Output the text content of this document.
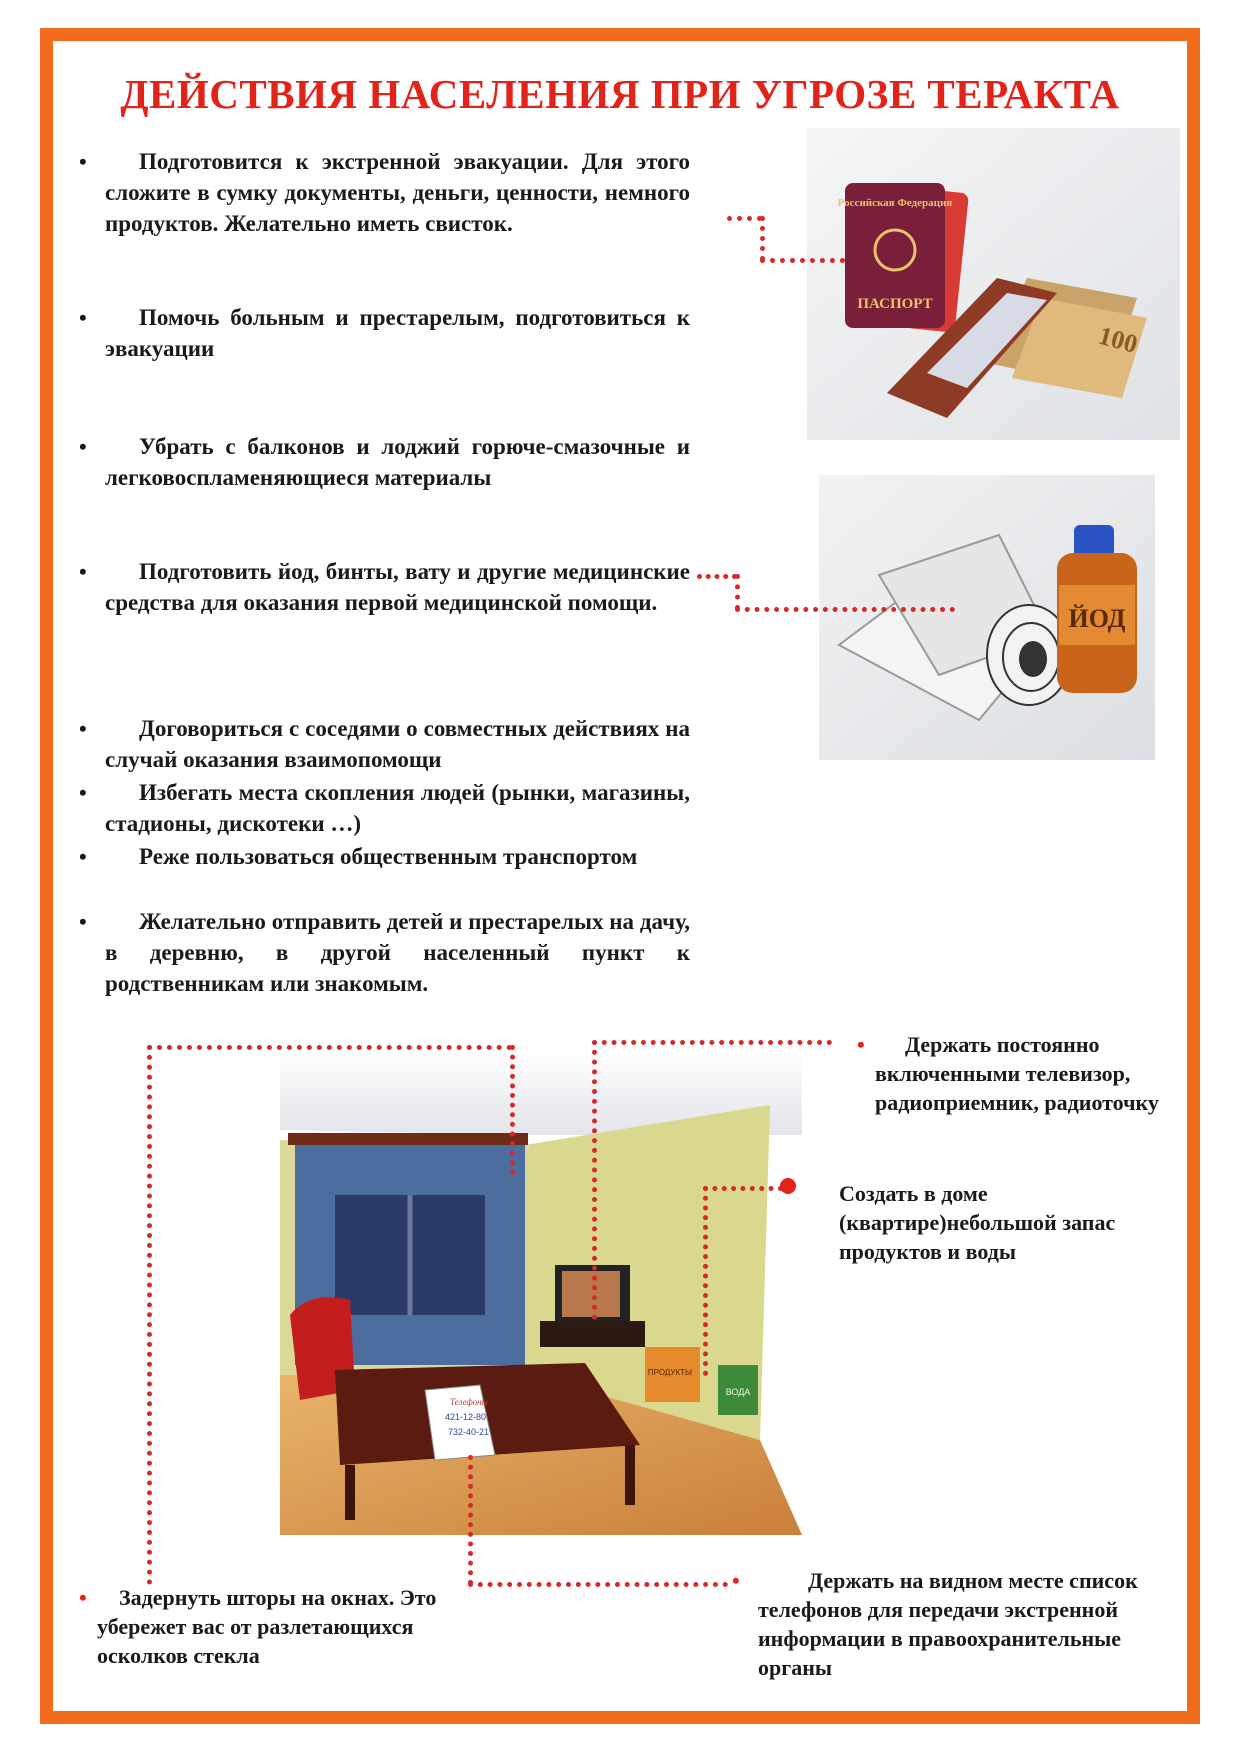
ДЕЙСТВИЯ НАСЕЛЕНИЯ ПРИ УГРОЗЕ ТЕРАКТА
•	Подготовится к экстренной эвакуации. Для этого сложите в сумку документы, деньги, ценности, немного продуктов. Желательно иметь свисток.
•	Помочь больным и престарелым, подготовиться к эвакуации
•	Убрать с балконов и лоджий горюче-смазочные и легковоспламеняющиеся материалы
•	Подготовить йод, бинты, вату и другие медицинские средства для оказания первой медицинской помощи.
•	Договориться с соседями о совместных действиях на случай оказания взаимопомощи
•	Избегать места скопления людей (рынки, магазины, стадионы, дискотеки …)
•	Реже пользоваться общественным транспортом
•	Желательно отправить детей и престарелых на дачу, в деревню, в другой населенный пункт к родственникам или знакомым.
Российская Федерация
ПАСПОРТ
100
ЙОД
ПРОДУКТЫ
ВОДА
Телефоны
421-12-80
732-40-21
•	Держать постоянно включенными телевизор, радиоприемник, радиоточку
Создать в доме (квартире)небольшой запас продуктов и воды
•	Задернуть шторы на окнах. Это убережет вас от разлетающихся осколков стекла
•	Держать на видном месте список телефонов для передачи экстренной информации в правоохранительные органы
